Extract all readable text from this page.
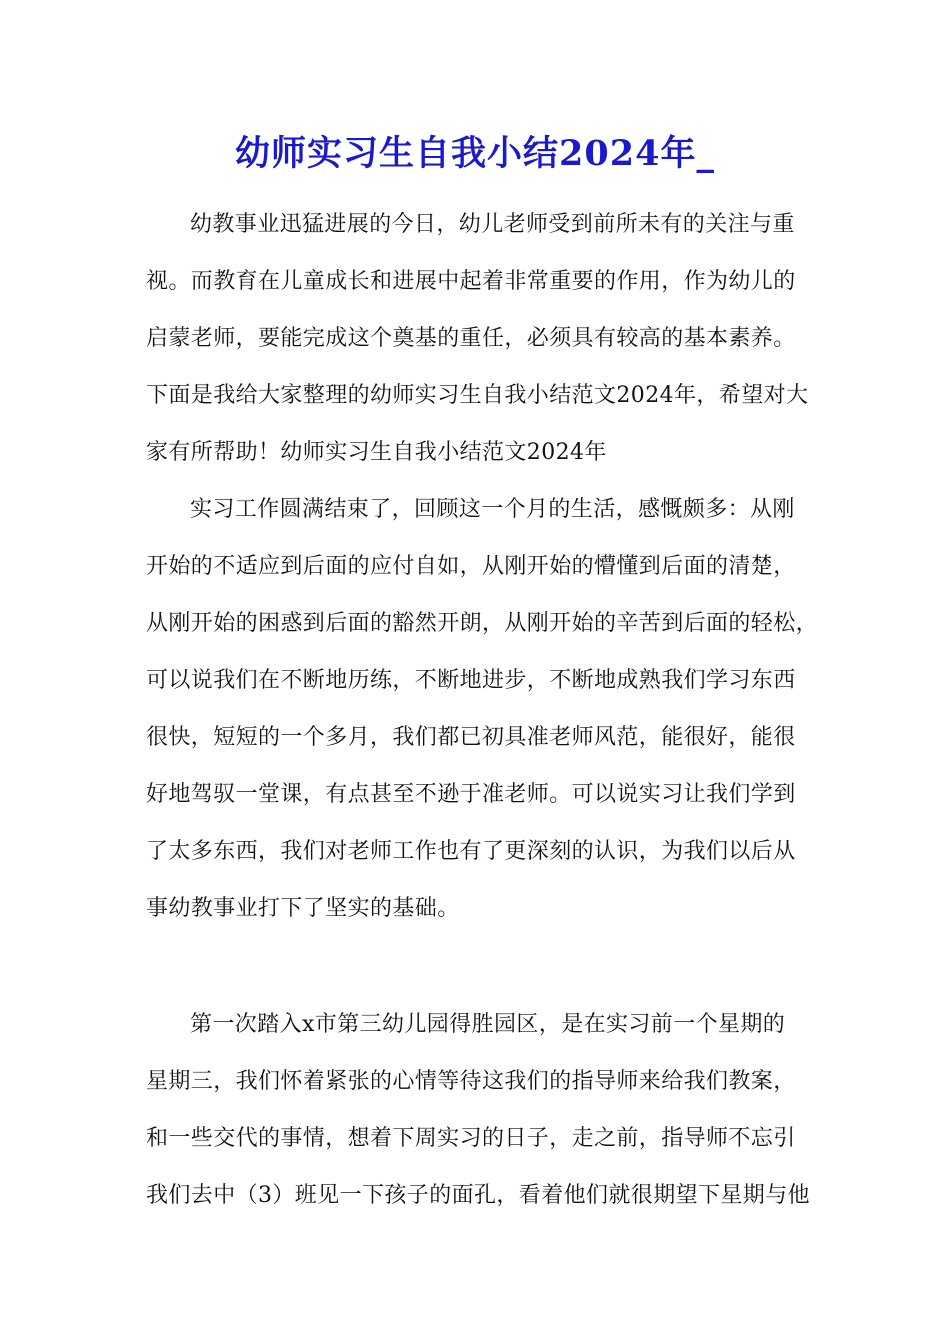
幼师实习生自我小结2024年_
幼教事业迅猛进展的今日，幼儿老师受到前所未有的关注与重
视。而教育在儿童成长和进展中起着非常重要的作用，作为幼儿的
启蒙老师，要能完成这个奠基的重任，必须具有较高的基本素养。
下面是我给大家整理的幼师实习生自我小结范文2024年，希望对大
家有所帮助！幼师实习生自我小结范文2024年
实习工作圆满结束了，回顾这一个月的生活，感慨颇多：从刚
开始的不适应到后面的应付自如，从刚开始的懵懂到后面的清楚，
从刚开始的困惑到后面的豁然开朗，从刚开始的辛苦到后面的轻松，
可以说我们在不断地历练，不断地进步，不断地成熟我们学习东西
很快，短短的一个多月，我们都已初具准老师风范，能很好，能很
好地驾驭一堂课，有点甚至不逊于准老师。可以说实习让我们学到
了太多东西，我们对老师工作也有了更深刻的认识，为我们以后从
事幼教事业打下了坚实的基础。
第一次踏入x市第三幼儿园得胜园区，是在实习前一个星期的
星期三，我们怀着紧张的心情等待这我们的指导师来给我们教案，
和一些交代的事情，想着下周实习的日子，走之前，指导师不忘引
我们去中（3）班见一下孩子的面孔，看着他们就很期望下星期与他
